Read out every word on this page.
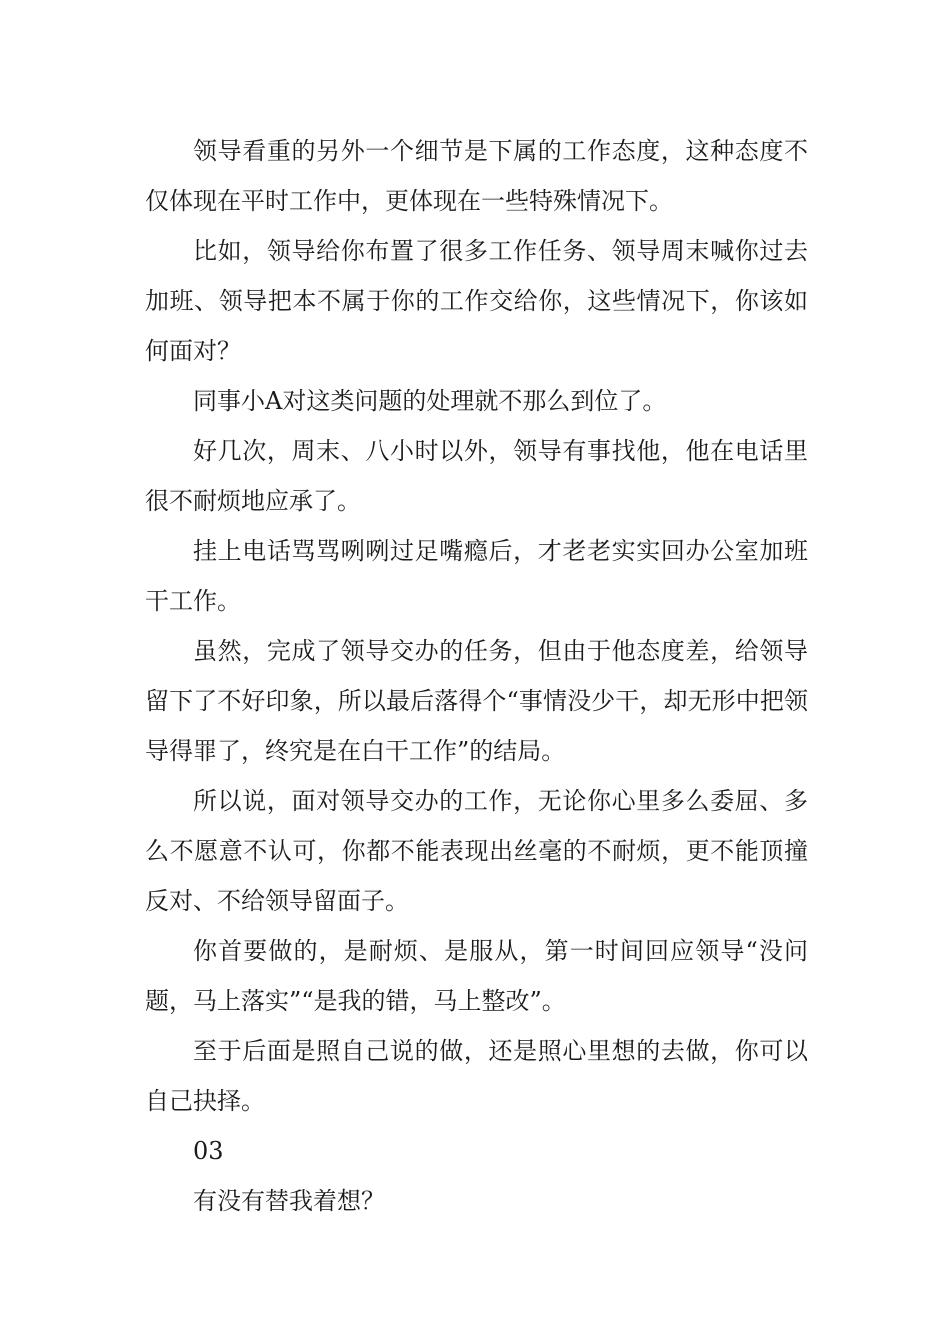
领导看重的另外一个细节是下属的工作态度，这种态度不仅体现在平时工作中，更体现在一些特殊情况下。

比如，领导给你布置了很多工作任务、领导周末喊你过去加班、领导把本不属于你的工作交给你，这些情况下，你该如何面对？

同事小A对这类问题的处理就不那么到位了。

好几次，周末、八小时以外，领导有事找他，他在电话里很不耐烦地应承了。

挂上电话骂骂咧咧过足嘴瘾后，才老老实实回办公室加班干工作。

虽然，完成了领导交办的任务，但由于他态度差，给领导留下了不好印象，所以最后落得个“事情没少干，却无形中把领导得罪了，终究是在白干工作”的结局。

所以说，面对领导交办的工作，无论你心里多么委屈、多么不愿意不认可，你都不能表现出丝毫的不耐烦，更不能顶撞反对、不给领导留面子。

你首要做的，是耐烦、是服从，第一时间回应领导“没问题，马上落实”“是我的错，马上整改”。

至于后面是照自己说的做，还是照心里想的去做，你可以自己抉择。

03

有没有替我着想？
